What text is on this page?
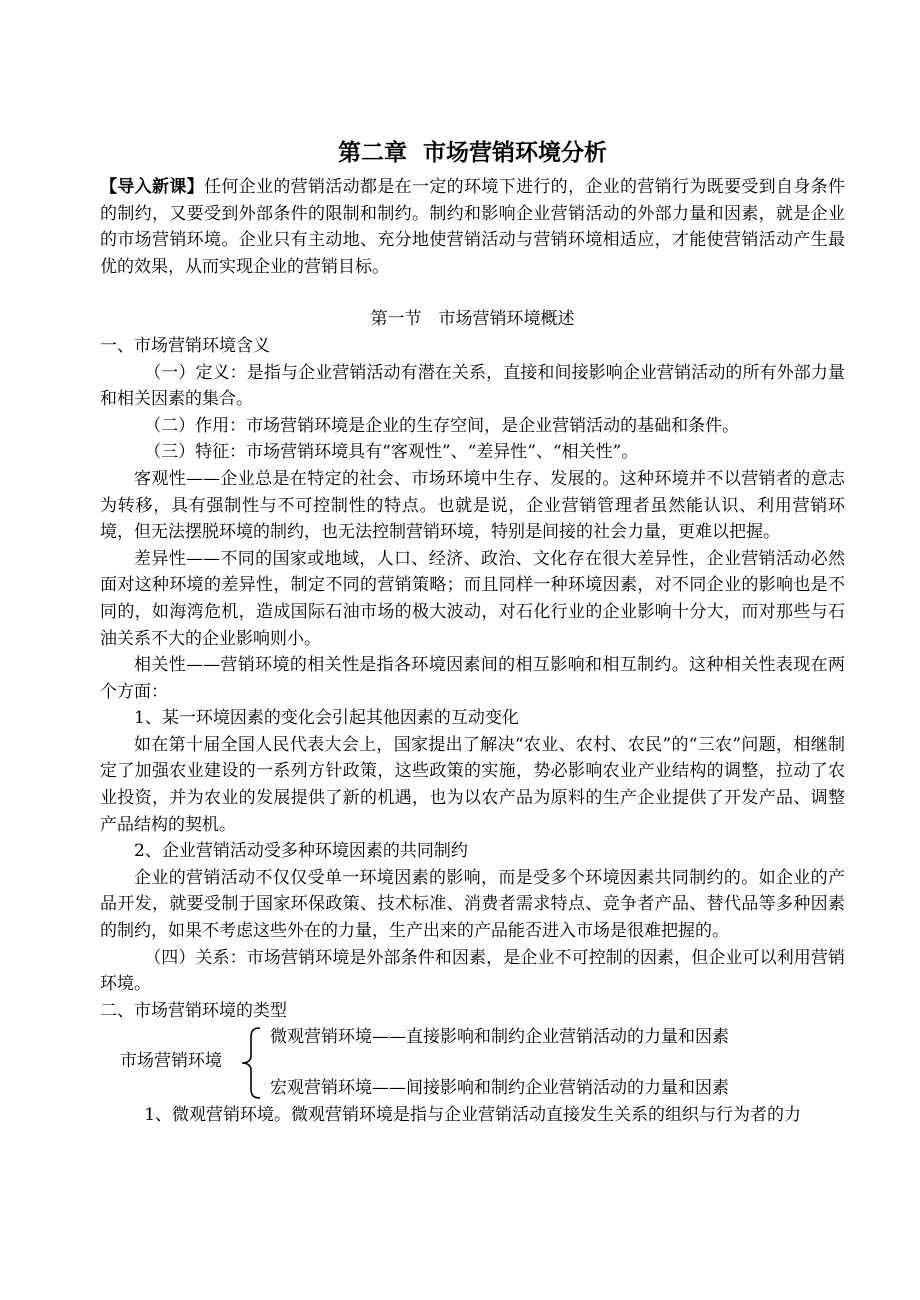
第二章 市场营销环境分析

【导入新课】任何企业的营销活动都是在一定的环境下进行的，企业的营销行为既要受到自身条件的制约，又要受到外部条件的限制和制约。制约和影响企业营销活动的外部力量和因素，就是企业的市场营销环境。企业只有主动地、充分地使营销活动与营销环境相适应，才能使营销活动产生最优的效果，从而实现企业的营销目标。

第一节　市场营销环境概述

一、市场营销环境含义

（一）定义：是指与企业营销活动有潜在关系，直接和间接影响企业营销活动的所有外部力量和相关因素的集合。

（二）作用：市场营销环境是企业的生存空间，是企业营销活动的基础和条件。

（三）特征：市场营销环境具有“客观性”、“差异性”、“相关性”。

客观性——企业总是在特定的社会、市场环境中生存、发展的。这种环境并不以营销者的意志为转移，具有强制性与不可控制性的特点。也就是说，企业营销管理者虽然能认识、利用营销环境，但无法摆脱环境的制约，也无法控制营销环境，特别是间接的社会力量，更难以把握。

差异性——不同的国家或地域，人口、经济、政治、文化存在很大差异性，企业营销活动必然面对这种环境的差异性，制定不同的营销策略；而且同样一种环境因素，对不同企业的影响也是不同的，如海湾危机，造成国际石油市场的极大波动，对石化行业的企业影响十分大，而对那些与石油关系不大的企业影响则小。

相关性——营销环境的相关性是指各环境因素间的相互影响和相互制约。这种相关性表现在两个方面：

1、某一环境因素的变化会引起其他因素的互动变化

如在第十届全国人民代表大会上，国家提出了解决“农业、农村、农民”的“三农”问题，相继制定了加强农业建设的一系列方针政策，这些政策的实施，势必影响农业产业结构的调整，拉动了农业投资，并为农业的发展提供了新的机遇，也为以农产品为原料的生产企业提供了开发产品、调整产品结构的契机。

2、企业营销活动受多种环境因素的共同制约

企业的营销活动不仅仅受单一环境因素的影响，而是受多个环境因素共同制约的。如企业的产品开发，就要受制于国家环保政策、技术标准、消费者需求特点、竞争者产品、替代品等多种因素的制约，如果不考虑这些外在的力量，生产出来的产品能否进入市场是很难把握的。

（四）关系：市场营销环境是外部条件和因素，是企业不可控制的因素，但企业可以利用营销环境。

二、市场营销环境的类型

市场营销环境
微观营销环境——直接影响和制约企业营销活动的力量和因素
宏观营销环境——间接影响和制约企业营销活动的力量和因素

1、微观营销环境。微观营销环境是指与企业营销活动直接发生关系的组织与行为者的力
